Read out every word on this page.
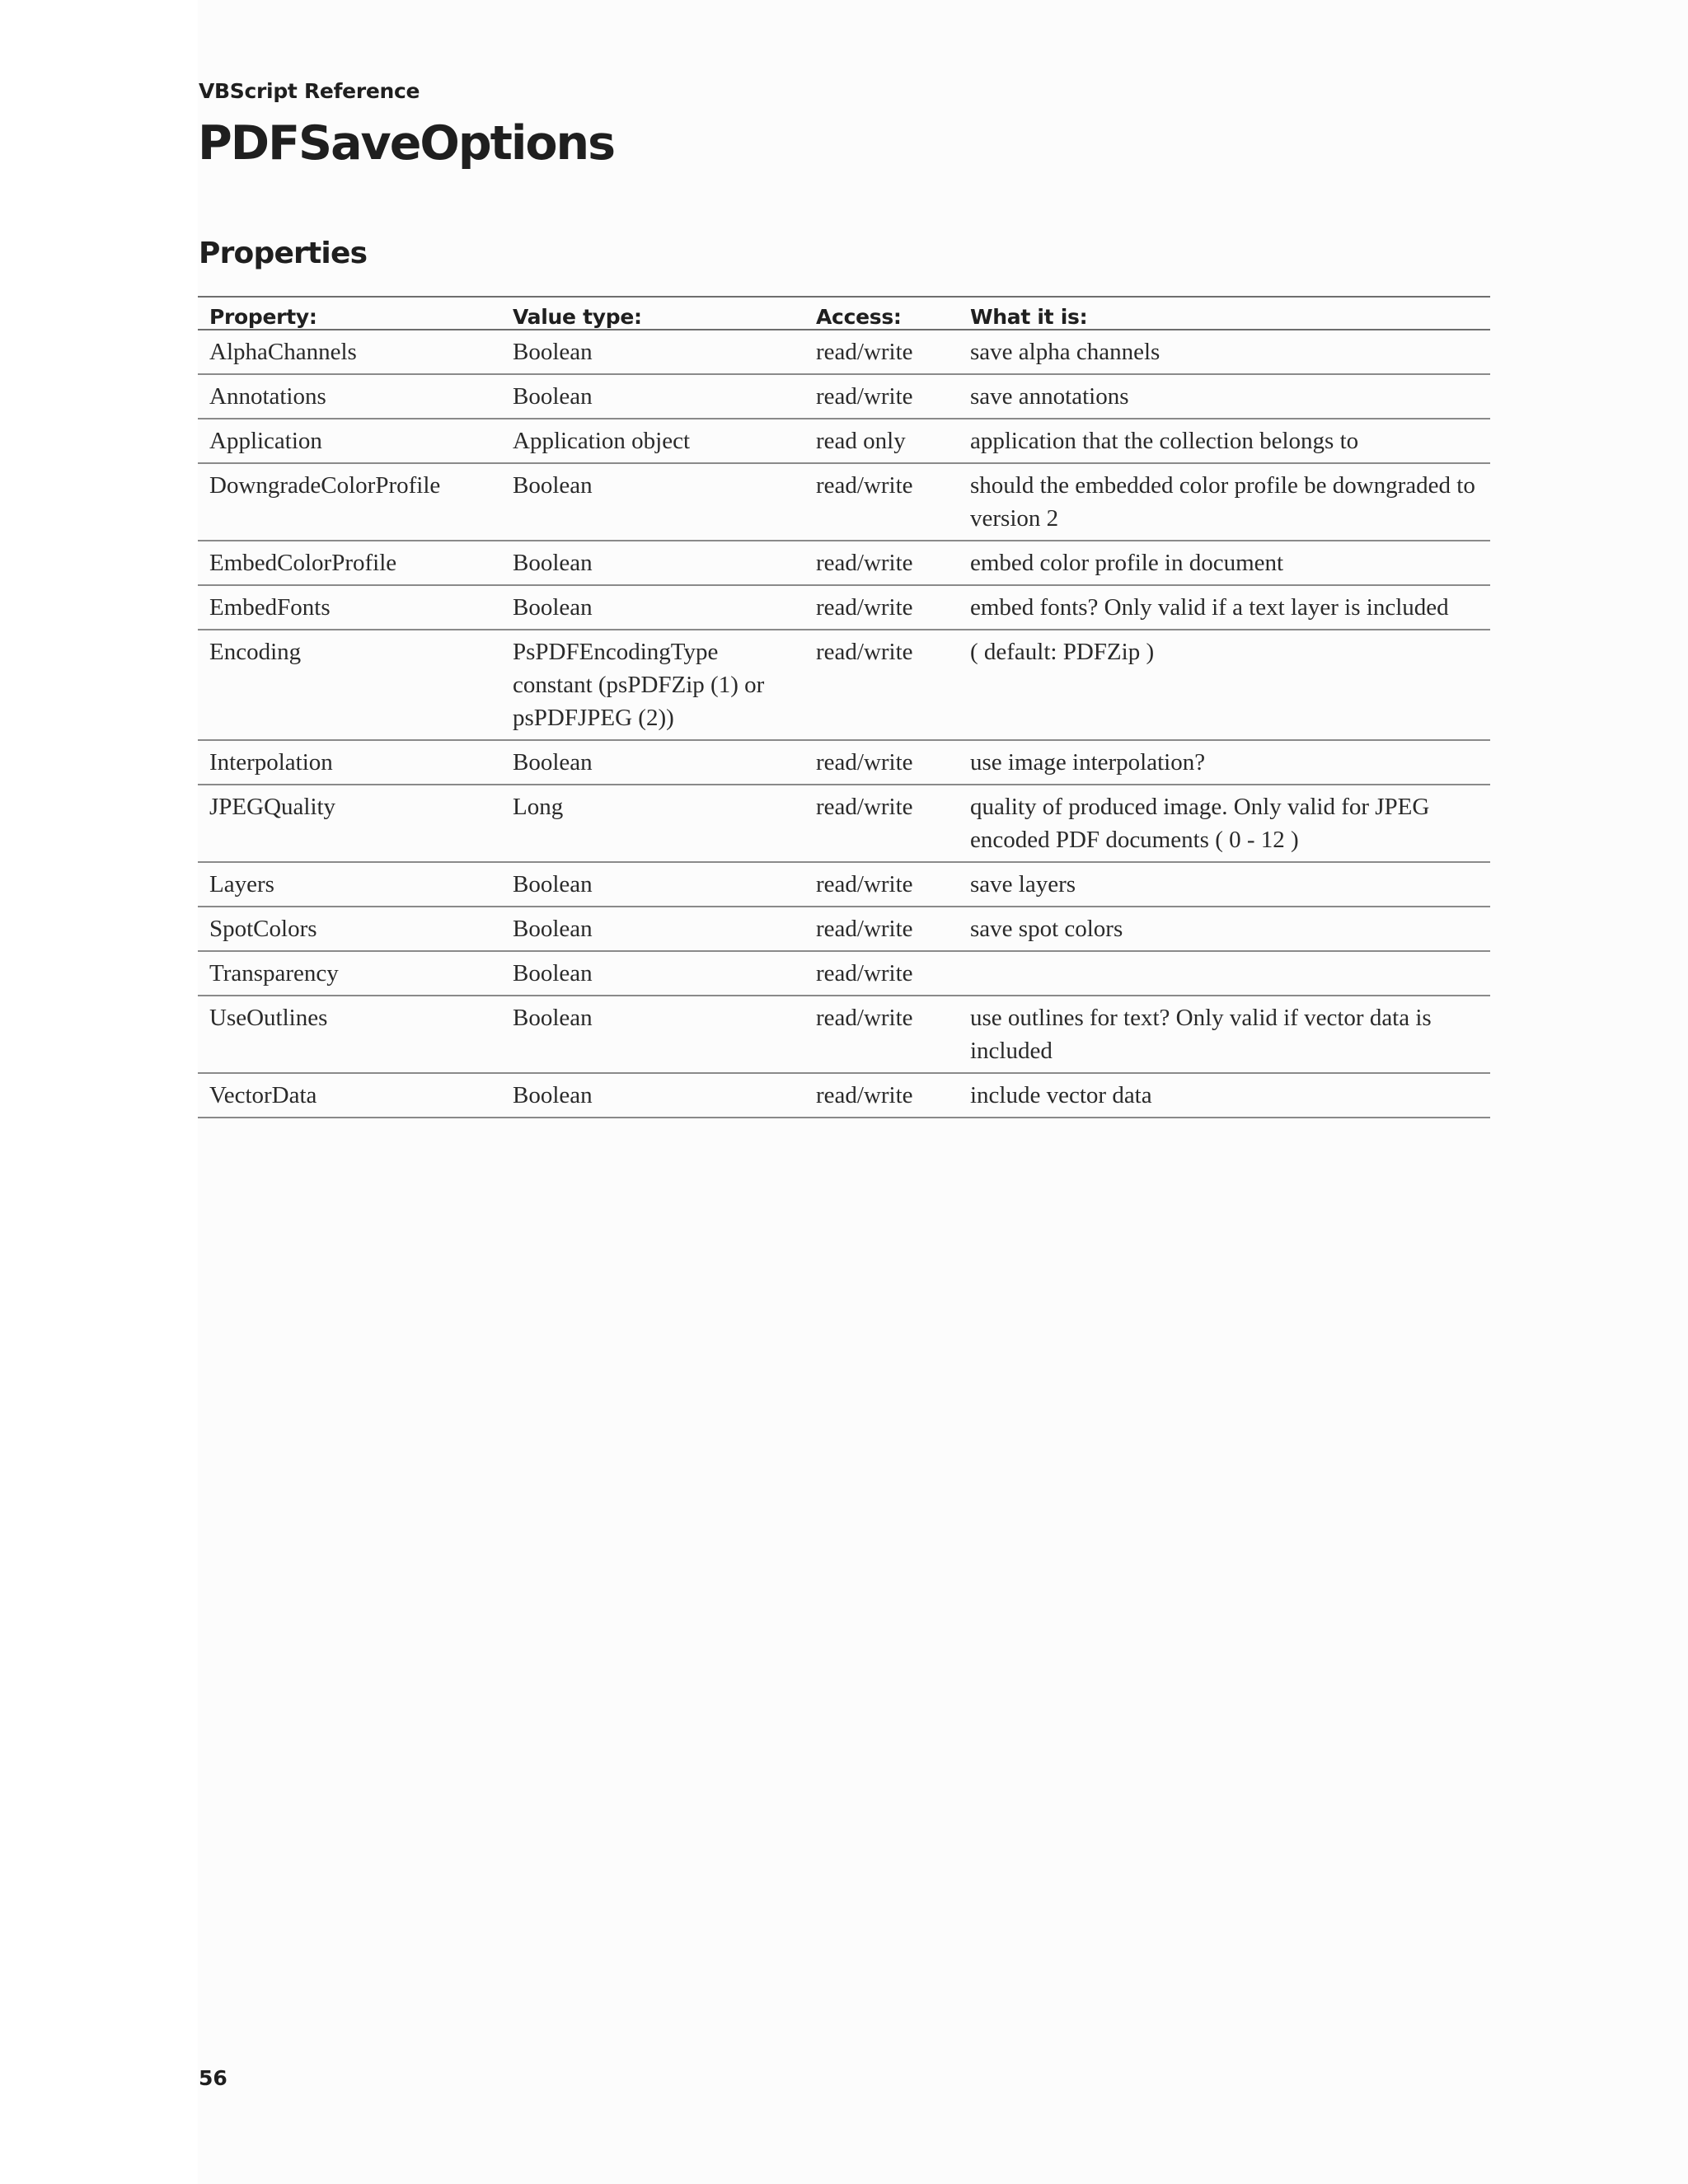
VBScript Reference
PDFSaveOptions
Properties
Property:	Value type:	Access:	What it is:
AlphaChannels	Boolean	read/write	save alpha channels
Annotations	Boolean	read/write	save annotations
Application	Application object	read only	application that the collection belongs to
DowngradeColorProfile	Boolean	read/write	should the embedded color profile be downgraded to version 2
EmbedColorProfile	Boolean	read/write	embed color profile in document
EmbedFonts	Boolean	read/write	embed fonts? Only valid if a text layer is included
Encoding	PsPDFEncodingType constant (psPDFZip (1) or psPDFJPEG (2))	read/write	( default: PDFZip )
Interpolation	Boolean	read/write	use image interpolation?
JPEGQuality	Long	read/write	quality of produced image. Only valid for JPEG encoded PDF documents ( 0 - 12 )
Layers	Boolean	read/write	save layers
SpotColors	Boolean	read/write	save spot colors
Transparency	Boolean	read/write	
UseOutlines	Boolean	read/write	use outlines for text? Only valid if vector data is included
VectorData	Boolean	read/write	include vector data
56
